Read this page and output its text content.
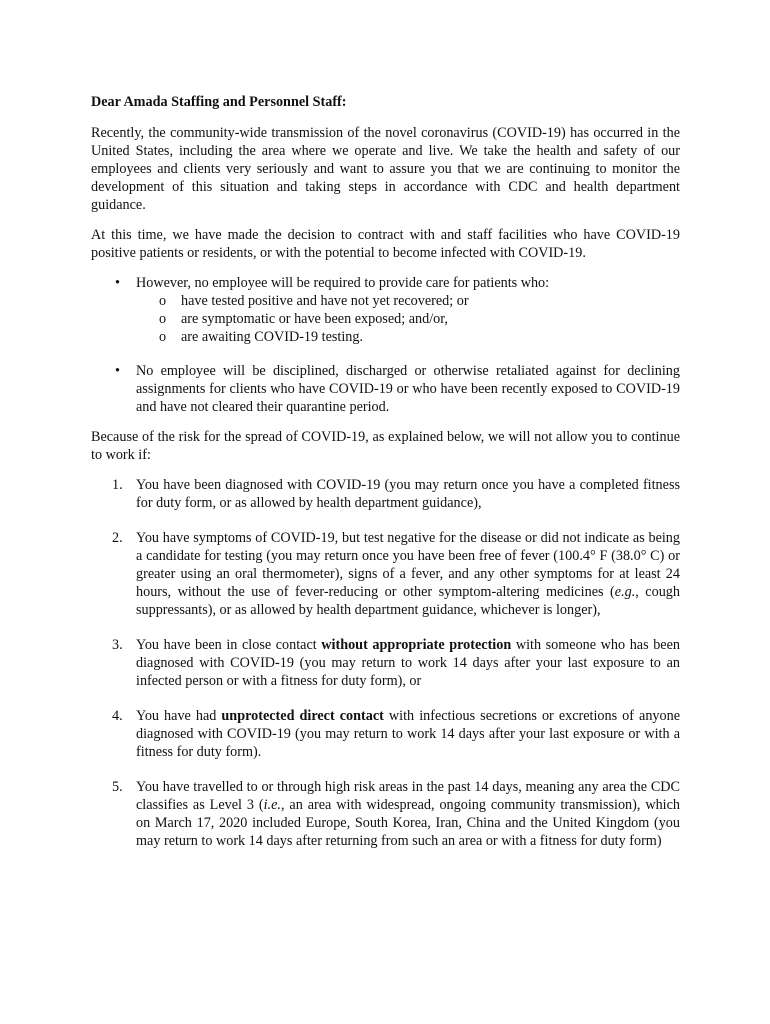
Dear Amada Staffing and Personnel Staff:

Recently, the community-wide transmission of the novel coronavirus (COVID-19) has occurred in the United States, including the area where we operate and live. We take the health and safety of our employees and clients very seriously and want to assure you that we are continuing to monitor the development of this situation and taking steps in accordance with CDC and health department guidance.

At this time, we have made the decision to contract with and staff facilities who have COVID-19 positive patients or residents, or with the potential to become infected with COVID-19.

• However, no employee will be required to provide care for patients who:
o have tested positive and have not yet recovered; or
o are symptomatic or have been exposed; and/or,
o are awaiting COVID-19 testing.
• No employee will be disciplined, discharged or otherwise retaliated against for declining assignments for clients who have COVID-19 or who have been recently exposed to COVID-19 and have not cleared their quarantine period.

Because of the risk for the spread of COVID-19, as explained below, we will not allow you to continue to work if:

1. You have been diagnosed with COVID-19 (you may return once you have a completed fitness for duty form, or as allowed by health department guidance),
2. You have symptoms of COVID-19, but test negative for the disease or did not indicate as being a candidate for testing (you may return once you have been free of fever (100.4° F (38.0° C) or greater using an oral thermometer), signs of a fever, and any other symptoms for at least 24 hours, without the use of fever-reducing or other symptom-altering medicines (e.g., cough suppressants), or as allowed by health department guidance, whichever is longer),
3. You have been in close contact without appropriate protection with someone who has been diagnosed with COVID-19 (you may return to work 14 days after your last exposure to an infected person or with a fitness for duty form), or
4. You have had unprotected direct contact with infectious secretions or excretions of anyone diagnosed with COVID-19 (you may return to work 14 days after your last exposure or with a fitness for duty form).
5. You have travelled to or through high risk areas in the past 14 days, meaning any area the CDC classifies as Level 3 (i.e., an area with widespread, ongoing community transmission), which on March 17, 2020 included Europe, South Korea, Iran, China and the United Kingdom (you may return to work 14 days after returning from such an area or with a fitness for duty form)
